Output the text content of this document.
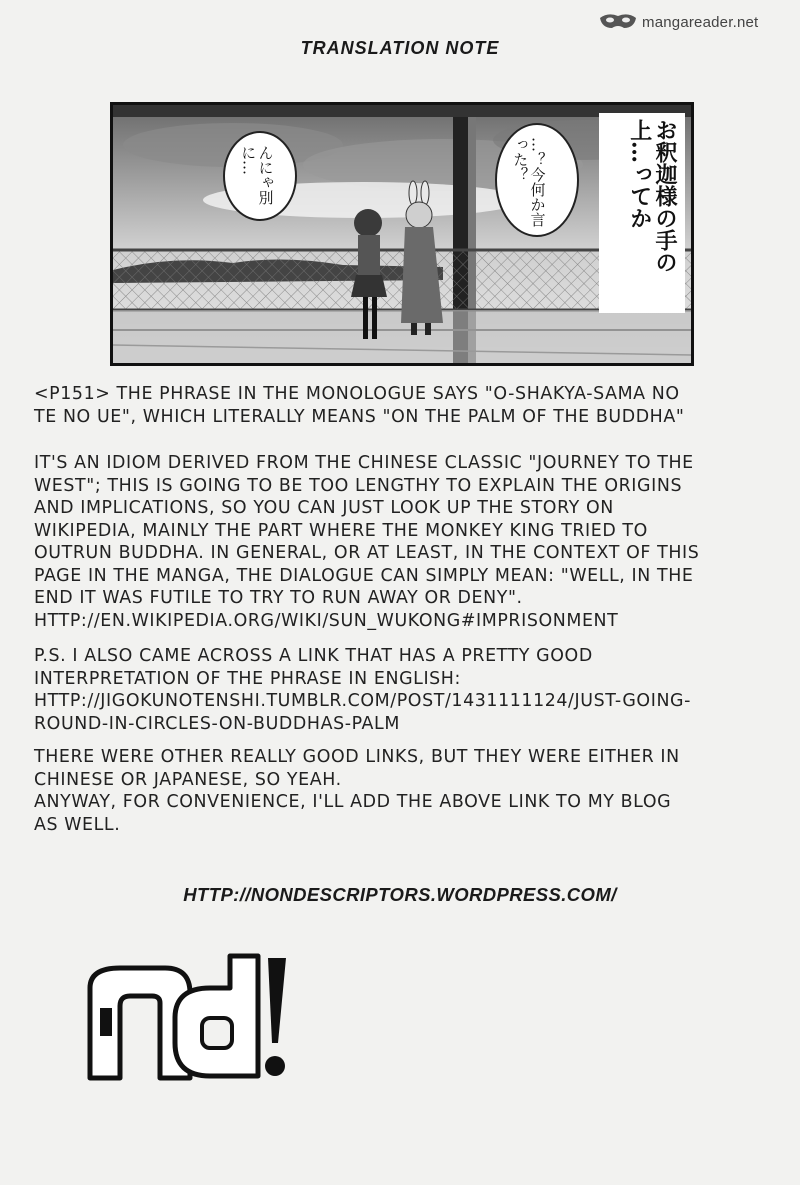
mangareader.net
TRANSLATION NOTE
お釈迦様の手の上…ってか
…？今何か言った？
んにゃ別に…
<P151> THE PHRASE IN THE MONOLOGUE SAYS "O-SHAKYA-SAMA NO
TE NO UE", WHICH LITERALLY MEANS "ON THE PALM OF THE BUDDHA"
IT'S AN IDIOM DERIVED FROM THE CHINESE CLASSIC "JOURNEY TO THE
WEST"; THIS IS GOING TO BE TOO LENGTHY TO EXPLAIN THE ORIGINS
AND IMPLICATIONS, SO YOU CAN JUST LOOK UP THE STORY ON
WIKIPEDIA, MAINLY THE PART WHERE THE MONKEY KING TRIED TO
OUTRUN BUDDHA. IN GENERAL, OR AT LEAST, IN THE CONTEXT OF THIS
PAGE IN THE MANGA, THE DIALOGUE CAN SIMPLY MEAN: "WELL, IN THE
END IT WAS FUTILE TO TRY TO RUN AWAY OR DENY".
HTTP://EN.WIKIPEDIA.ORG/WIKI/SUN_WUKONG#IMPRISONMENT
P.S. I ALSO CAME ACROSS A LINK THAT HAS A PRETTY GOOD
INTERPRETATION OF THE PHRASE IN ENGLISH:
HTTP://JIGOKUNOTENSHI.TUMBLR.COM/POST/1431111124/JUST-GOING-
ROUND-IN-CIRCLES-ON-BUDDHAS-PALM
THERE WERE OTHER REALLY GOOD LINKS, BUT THEY WERE EITHER IN
CHINESE OR JAPANESE, SO YEAH.
ANYWAY, FOR CONVENIENCE, I'LL ADD THE ABOVE LINK TO MY BLOG
AS WELL.
HTTP://NONDESCRIPTORS.WORDPRESS.COM/
